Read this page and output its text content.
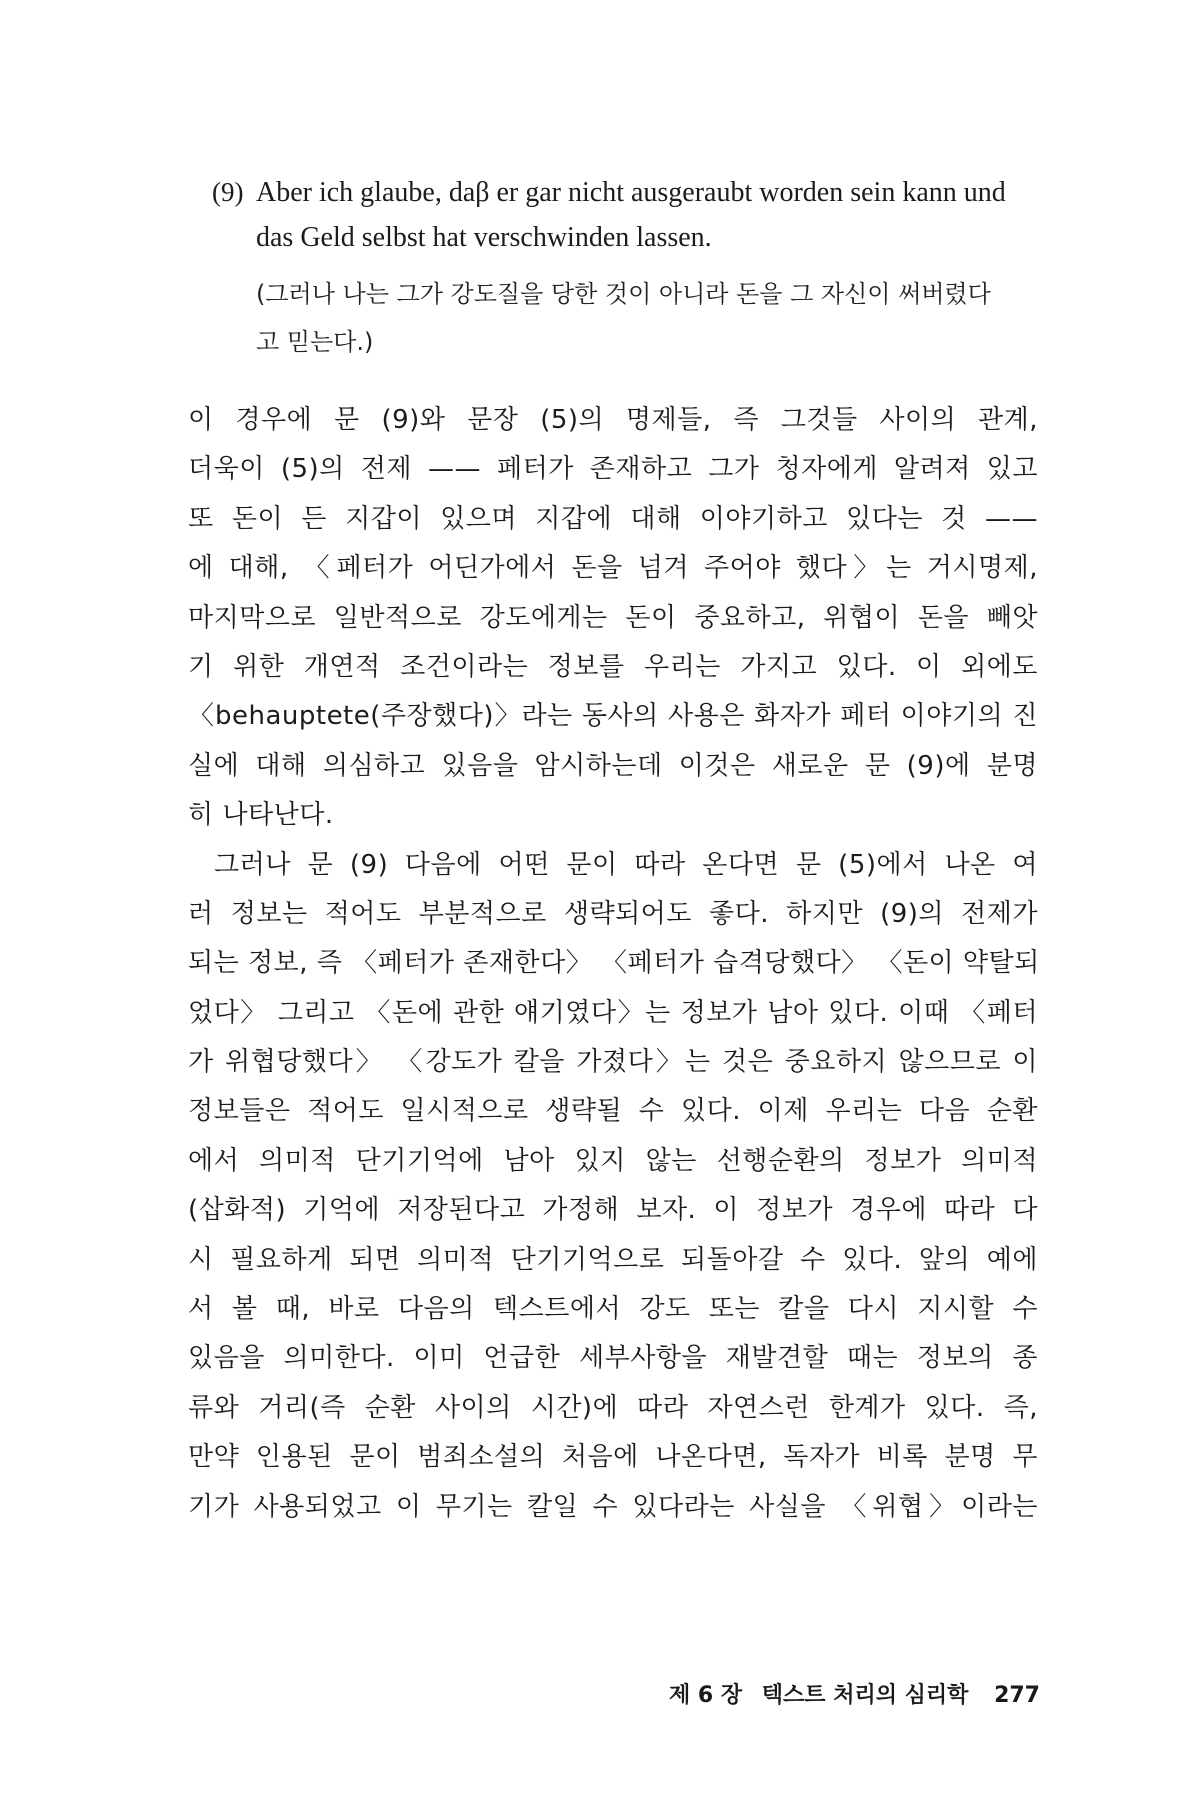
(9) Aber ich glaube, daβ er gar nicht ausgeraubt worden sein kann und
das Geld selbst hat verschwinden lassen.

(그러나 나는 그가 강도질을 당한 것이 아니라 돈을 그 자신이 써버렸다
고 믿는다.)

이 경우에 문 (9)와 문장 (5)의 명제들, 즉 그것들 사이의 관계,
더욱이 (5)의 전제 —— 페터가 존재하고 그가 청자에게 알려져 있고
또 돈이 든 지갑이 있으며 지갑에 대해 이야기하고 있다는 것 ——
에 대해, 〈페터가 어딘가에서 돈을 넘겨 주어야 했다〉는 거시명제,
마지막으로 일반적으로 강도에게는 돈이 중요하고, 위협이 돈을 빼앗
기 위한 개연적 조건이라는 정보를 우리는 가지고 있다. 이 외에도
〈behauptete(주장했다)〉라는 동사의 사용은 화자가 페터 이야기의 진
실에 대해 의심하고 있음을 암시하는데 이것은 새로운 문 (9)에 분명
히 나타난다.
그러나 문 (9) 다음에 어떤 문이 따라 온다면 문 (5)에서 나온 여
러 정보는 적어도 부분적으로 생략되어도 좋다. 하지만 (9)의 전제가
되는 정보, 즉 〈페터가 존재한다〉 〈페터가 습격당했다〉 〈돈이 약탈되
었다〉 그리고 〈돈에 관한 얘기였다〉는 정보가 남아 있다. 이때 〈페터
가 위협당했다〉 〈강도가 칼을 가졌다〉는 것은 중요하지 않으므로 이
정보들은 적어도 일시적으로 생략될 수 있다. 이제 우리는 다음 순환
에서 의미적 단기기억에 남아 있지 않는 선행순환의 정보가 의미적
(삽화적) 기억에 저장된다고 가정해 보자. 이 정보가 경우에 따라 다
시 필요하게 되면 의미적 단기기억으로 되돌아갈 수 있다. 앞의 예에
서 볼 때, 바로 다음의 텍스트에서 강도 또는 칼을 다시 지시할 수
있음을 의미한다. 이미 언급한 세부사항을 재발견할 때는 정보의 종
류와 거리(즉 순환 사이의 시간)에 따라 자연스런 한계가 있다. 즉,
만약 인용된 문이 범죄소설의 처음에 나온다면, 독자가 비록 분명 무
기가 사용되었고 이 무기는 칼일 수 있다라는 사실을 〈위협〉이라는
제 6 장 텍스트 처리의 심리학 277
